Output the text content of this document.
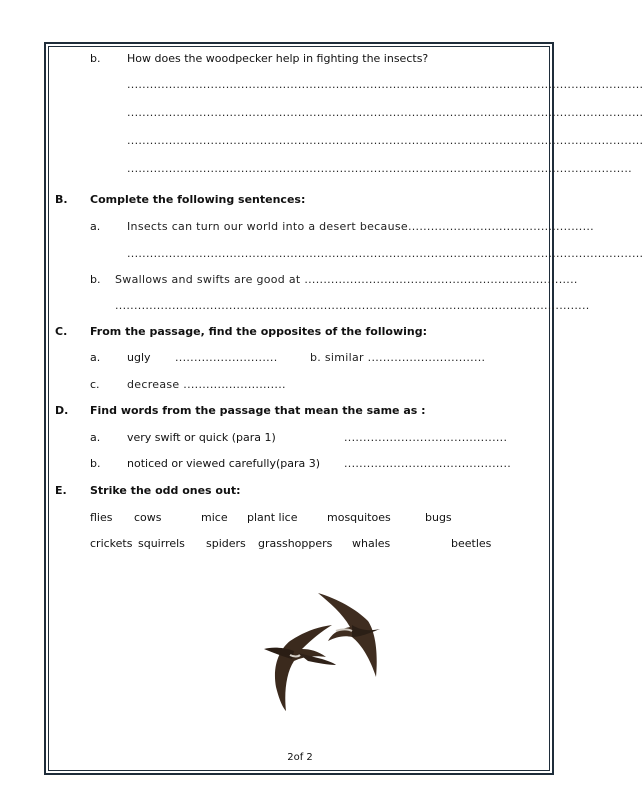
b. How does the woodpecker help in fighting the insects?
........................................................................................................................................
........................................................................................................................................
........................................................................................................................................
.....................................................................................................................................
B. Complete the following sentences:
a. Insects can turn our world into a desert because.................................................
........................................................................................................................................
b. Swallows and swifts are good at ........................................................................
.............................................................................................................................
C. From the passage, find the opposites of the following:
a. ugly ...........................	b. similar ...............................
c. decrease ...........................
D. Find words from the passage that mean the same as :
a. very swift or quick (para 1)	...........................................
b. noticed or viewed carefully(para 3) ............................................
E. Strike the odd ones out:
flies cows	mice plant lice	mosquitoes	bugs
crickets squirrels spiders grasshoppers whales	beetles
2of 2
